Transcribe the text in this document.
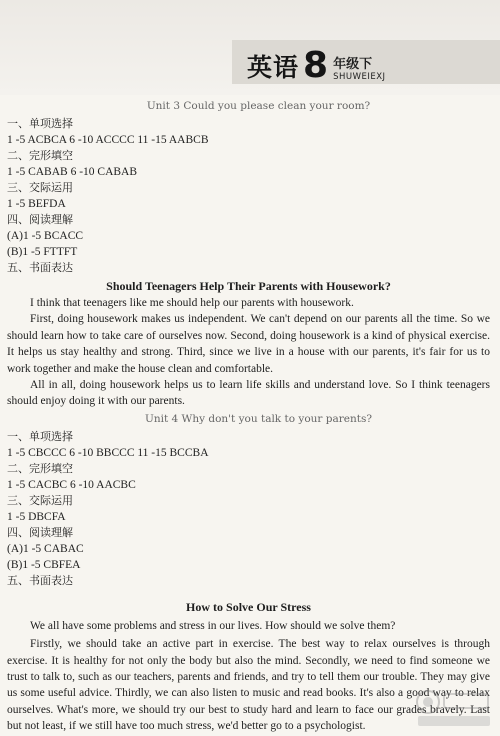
英语 8 年级下
SHUWEIEXJ
Unit 3 Could you please clean your room?
一、单项选择
1 -5 ACBCA 6 -10 ACCCC 11 -15 AABCB
二、完形填空
1 -5 CABAB 6 -10 CABAB
三、交际运用
1 -5 BEFDA
四、阅读理解
(A)1 -5 BCACC
(B)1 -5 FTTFT
五、书面表达
Should Teenagers Help Their Parents with Housework?

I think that teenagers like me should help our parents with housework.

First, doing housework makes us independent. We can't depend on our parents all the time. So we should learn how to take care of ourselves now. Second, doing housework is a kind of physical exercise. It helps us stay healthy and strong. Third, since we live in a house with our parents, it's fair for us to work together and make the house clean and comfortable.

All in all, doing housework helps us to learn life skills and understand love. So I think teenagers should enjoy doing it with our parents.

Unit 4 Why don't you talk to your parents?
一、单项选择
1 -5 CBCCC 6 -10 BBCCC 11 -15 BCCBA
二、完形填空
1 -5 CACBC 6 -10 AACBC
三、交际运用
1 -5 DBCFA
四、阅读理解
(A)1 -5 CABAC
(B)1 -5 CBFEA
五、书面表达
How to Solve Our Stress

We all have some problems and stress in our lives. How should we solve them?

Firstly, we should take an active part in exercise. The best way to relax ourselves is through exercise. It is healthy for not only the body but also the mind. Secondly, we need to find someone we trust to talk to, such as our teachers, parents and friends, and try to tell them our trouble. They may give us some useful advice. Thirdly, we can also listen to music and read books. It's also a good way to relax ourselves. What's more, we should try our best to study hard and learn to face our grades bravely. Last but not least, if we still have too much stress, we'd better go to a psychologist.
